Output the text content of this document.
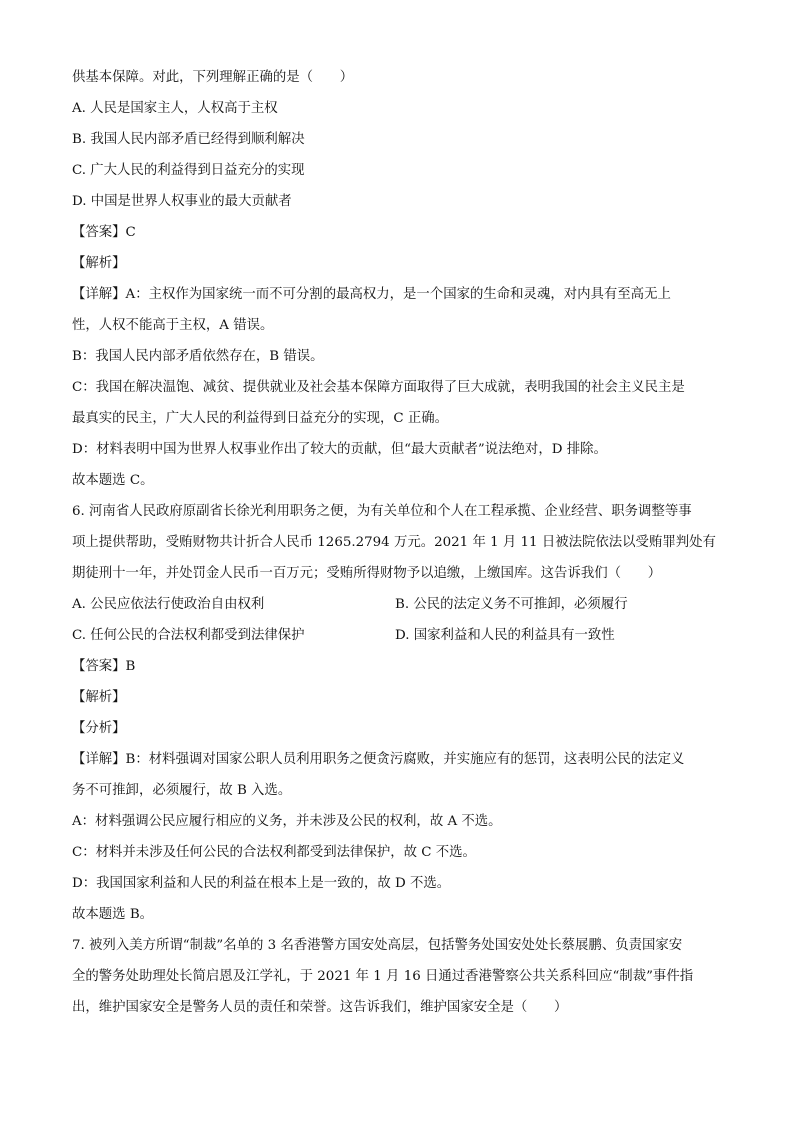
供基本保障。对此，下列理解正确的是（　　）
A. 人民是国家主人，人权高于主权
B. 我国人民内部矛盾已经得到顺利解决
C. 广大人民的利益得到日益充分的实现
D. 中国是世界人权事业的最大贡献者
【答案】C
【解析】
【详解】A：主权作为国家统一而不可分割的最高权力，是一个国家的生命和灵魂，对内具有至高无上
性，人权不能高于主权，A 错误。
B：我国人民内部矛盾依然存在，B 错误。
C：我国在解决温饱、减贫、提供就业及社会基本保障方面取得了巨大成就，表明我国的社会主义民主是
最真实的民主，广大人民的利益得到日益充分的实现，C 正确。
D：材料表明中国为世界人权事业作出了较大的贡献，但“最大贡献者”说法绝对，D 排除。
故本题选 C。
6. 河南省人民政府原副省长徐光利用职务之便，为有关单位和个人在工程承揽、企业经营、职务调整等事
项上提供帮助，受贿财物共计折合人民币 1265.2794 万元。2021 年 1 月 11 日被法院依法以受贿罪判处有
期徒刑十一年，并处罚金人民币一百万元；受贿所得财物予以追缴，上缴国库。这告诉我们（　　）
A. 公民应依法行使政治自由权利	B. 公民的法定义务不可推卸，必须履行
C. 任何公民的合法权利都受到法律保护	D. 国家利益和人民的利益具有一致性
【答案】B
【解析】
【分析】
【详解】B：材料强调对国家公职人员利用职务之便贪污腐败，并实施应有的惩罚，这表明公民的法定义
务不可推卸，必须履行，故 B 入选。
A：材料强调公民应履行相应的义务，并未涉及公民的权利，故 A 不选。
C：材料并未涉及任何公民的合法权利都受到法律保护，故 C 不选。
D：我国国家利益和人民的利益在根本上是一致的，故 D 不选。
故本题选 B。
7. 被列入美方所谓“制裁”名单的 3 名香港警方国安处高层，包括警务处国安处处长蔡展鹏、负责国家安
全的警务处助理处长简启恩及江学礼，于 2021 年 1 月 16 日通过香港警察公共关系科回应“制裁”事件指
出，维护国家安全是警务人员的责任和荣誉。这告诉我们，维护国家安全是（　　）
